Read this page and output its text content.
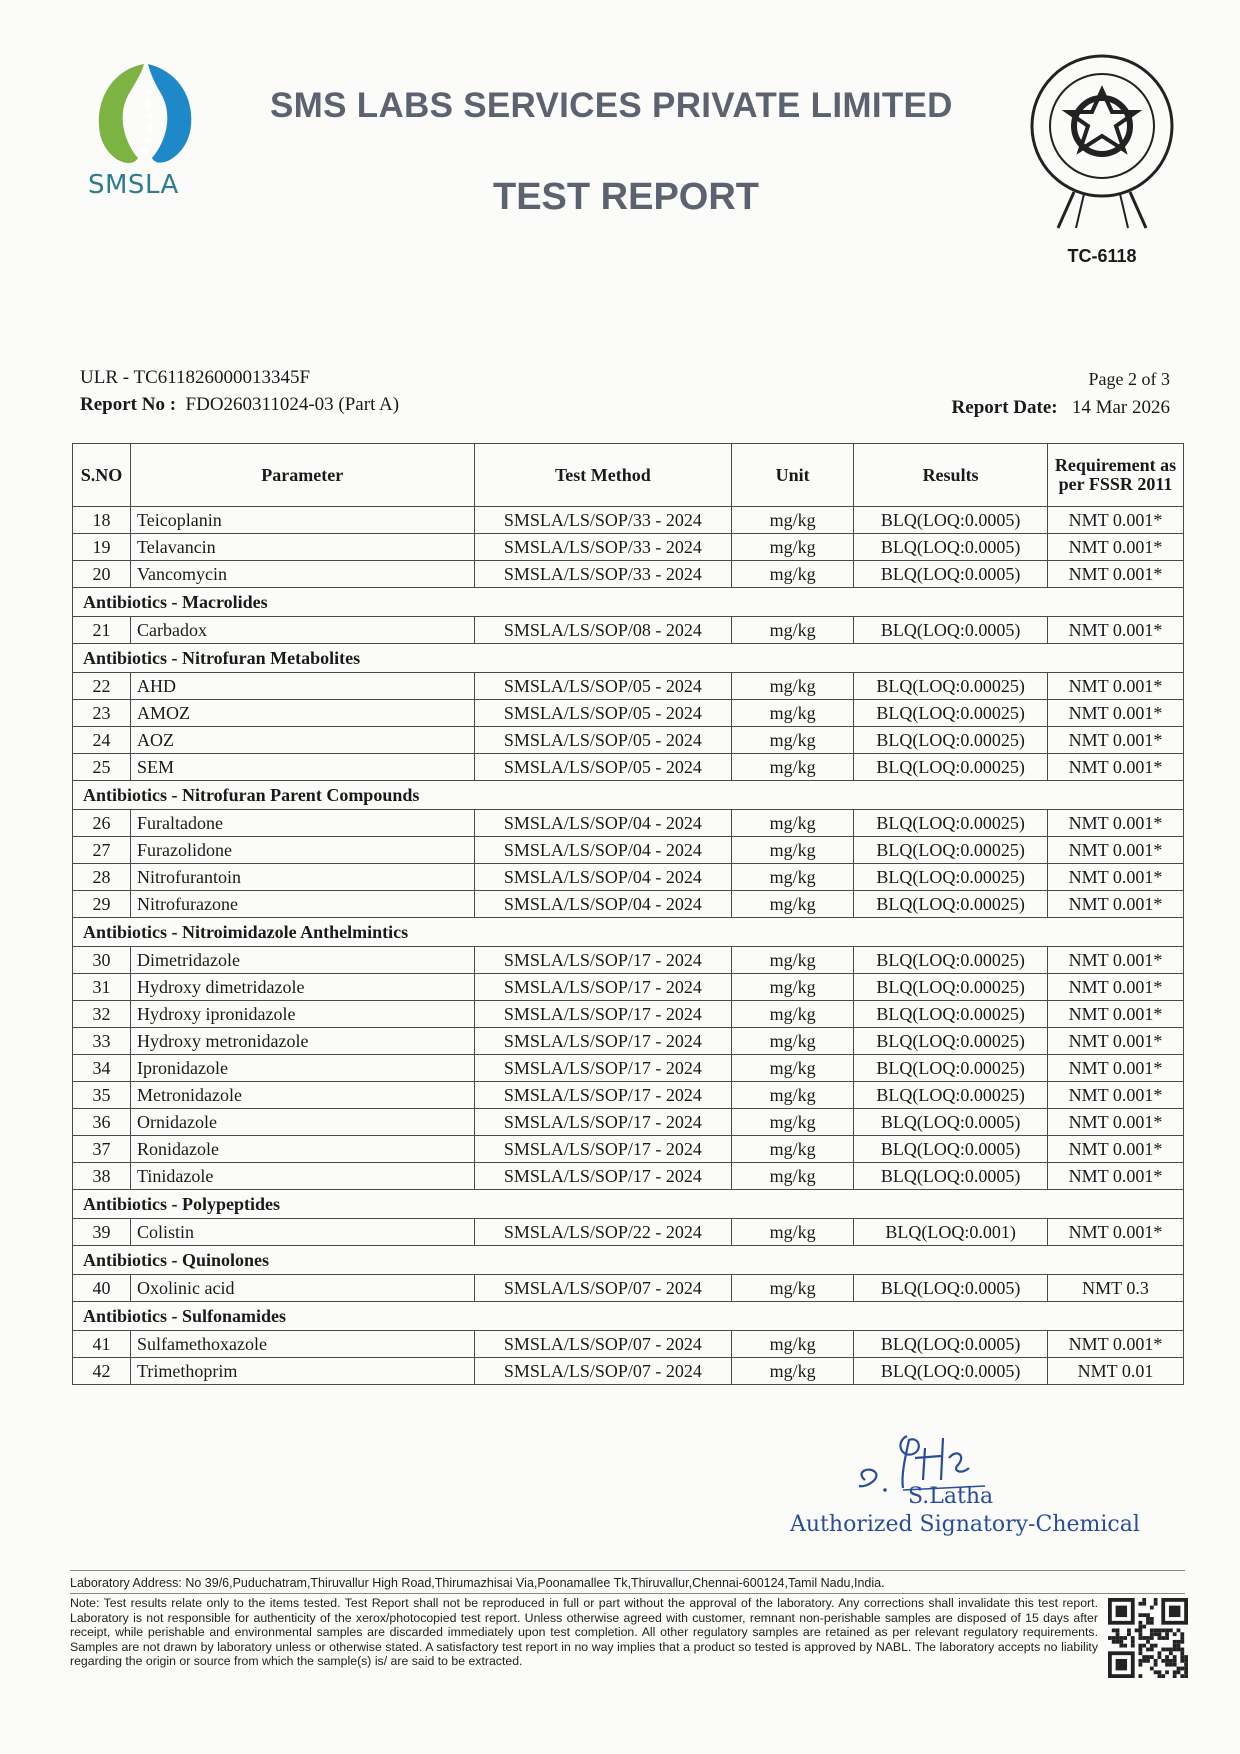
SMSLA
SMS LABS SERVICES PRIVATE LIMITED
TEST REPORT
TC-6118
ULR - TC611826000013345F
Report No : FDO260311024-03 (Part A)
Page 2 of 3
Report Date: 14 Mar 2026
S.NO	Parameter	Test Method	Unit	Results	Requirement as per FSSR 2011
18	Teicoplanin	SMSLA/LS/SOP/33 - 2024	mg/kg	BLQ(LOQ:0.0005)	NMT 0.001*
19	Telavancin	SMSLA/LS/SOP/33 - 2024	mg/kg	BLQ(LOQ:0.0005)	NMT 0.001*
20	Vancomycin	SMSLA/LS/SOP/33 - 2024	mg/kg	BLQ(LOQ:0.0005)	NMT 0.001*
Antibiotics - Macrolides					
21	Carbadox	SMSLA/LS/SOP/08 - 2024	mg/kg	BLQ(LOQ:0.0005)	NMT 0.001*
Antibiotics - Nitrofuran Metabolites					
22	AHD	SMSLA/LS/SOP/05 - 2024	mg/kg	BLQ(LOQ:0.00025)	NMT 0.001*
23	AMOZ	SMSLA/LS/SOP/05 - 2024	mg/kg	BLQ(LOQ:0.00025)	NMT 0.001*
24	AOZ	SMSLA/LS/SOP/05 - 2024	mg/kg	BLQ(LOQ:0.00025)	NMT 0.001*
25	SEM	SMSLA/LS/SOP/05 - 2024	mg/kg	BLQ(LOQ:0.00025)	NMT 0.001*
Antibiotics - Nitrofuran Parent Compounds					
26	Furaltadone	SMSLA/LS/SOP/04 - 2024	mg/kg	BLQ(LOQ:0.00025)	NMT 0.001*
27	Furazolidone	SMSLA/LS/SOP/04 - 2024	mg/kg	BLQ(LOQ:0.00025)	NMT 0.001*
28	Nitrofurantoin	SMSLA/LS/SOP/04 - 2024	mg/kg	BLQ(LOQ:0.00025)	NMT 0.001*
29	Nitrofurazone	SMSLA/LS/SOP/04 - 2024	mg/kg	BLQ(LOQ:0.00025)	NMT 0.001*
Antibiotics - Nitroimidazole Anthelmintics					
30	Dimetridazole	SMSLA/LS/SOP/17 - 2024	mg/kg	BLQ(LOQ:0.00025)	NMT 0.001*
31	Hydroxy dimetridazole	SMSLA/LS/SOP/17 - 2024	mg/kg	BLQ(LOQ:0.00025)	NMT 0.001*
32	Hydroxy ipronidazole	SMSLA/LS/SOP/17 - 2024	mg/kg	BLQ(LOQ:0.00025)	NMT 0.001*
33	Hydroxy metronidazole	SMSLA/LS/SOP/17 - 2024	mg/kg	BLQ(LOQ:0.00025)	NMT 0.001*
34	Ipronidazole	SMSLA/LS/SOP/17 - 2024	mg/kg	BLQ(LOQ:0.00025)	NMT 0.001*
35	Metronidazole	SMSLA/LS/SOP/17 - 2024	mg/kg	BLQ(LOQ:0.00025)	NMT 0.001*
36	Ornidazole	SMSLA/LS/SOP/17 - 2024	mg/kg	BLQ(LOQ:0.0005)	NMT 0.001*
37	Ronidazole	SMSLA/LS/SOP/17 - 2024	mg/kg	BLQ(LOQ:0.0005)	NMT 0.001*
38	Tinidazole	SMSLA/LS/SOP/17 - 2024	mg/kg	BLQ(LOQ:0.0005)	NMT 0.001*
Antibiotics - Polypeptides					
39	Colistin	SMSLA/LS/SOP/22 - 2024	mg/kg	BLQ(LOQ:0.001)	NMT 0.001*
Antibiotics - Quinolones					
40	Oxolinic acid	SMSLA/LS/SOP/07 - 2024	mg/kg	BLQ(LOQ:0.0005)	NMT 0.3
Antibiotics - Sulfonamides					
41	Sulfamethoxazole	SMSLA/LS/SOP/07 - 2024	mg/kg	BLQ(LOQ:0.0005)	NMT 0.001*
42	Trimethoprim	SMSLA/LS/SOP/07 - 2024	mg/kg	BLQ(LOQ:0.0005)	NMT 0.01
S.Latha
Authorized Signatory-Chemical
Laboratory Address: No 39/6,Puduchatram,Thiruvallur High Road,Thirumazhisai Via,Poonamallee Tk,Thiruvallur,Chennai-600124,Tamil Nadu,India.
Note: Test results relate only to the items tested. Test Report shall not be reproduced in full or part without the approval of the laboratory. Any corrections shall invalidate this test report. Laboratory is not responsible for authenticity of the xerox/photocopied test report. Unless otherwise agreed with customer, remnant non-perishable samples are disposed of 15 days after receipt, while perishable and environmental samples are discarded immediately upon test completion. All other regulatory samples are retained as per relevant regulatory requirements. Samples are not drawn by laboratory unless or otherwise stated. A satisfactory test report in no way implies that a product so tested is approved by NABL. The laboratory accepts no liability regarding the origin or source from which the sample(s) is/ are said to be extracted.
